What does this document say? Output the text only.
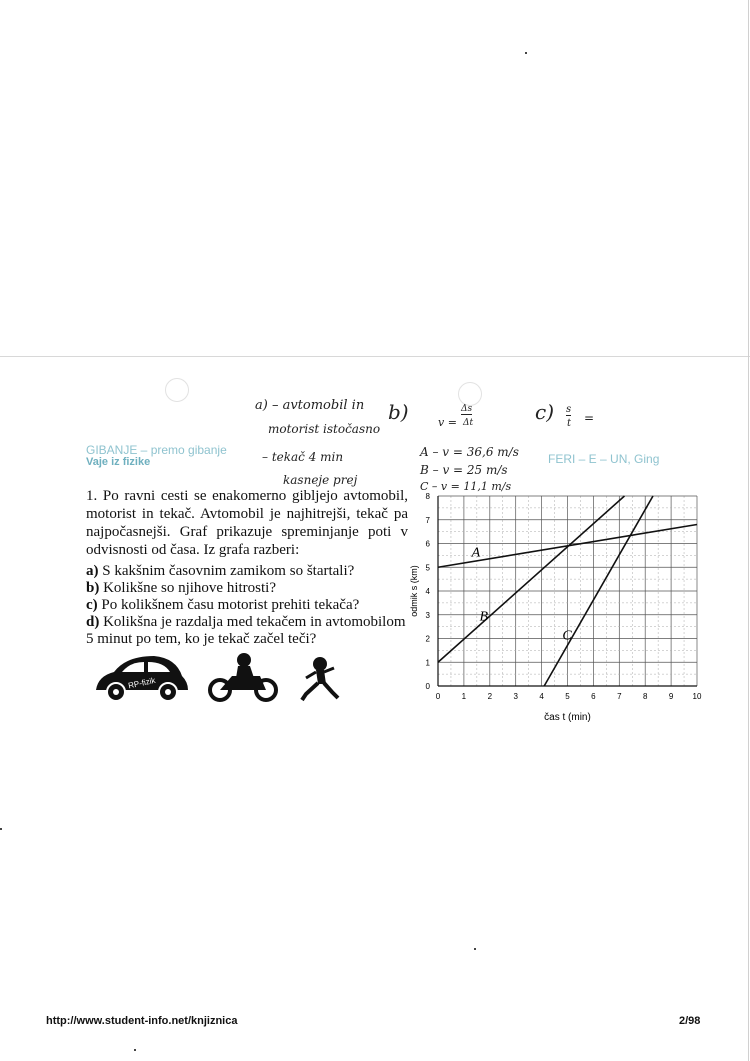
GIBANJE – premo gibanje
Vaje iz fizike	FERI – E – UN, Ging

1. Po ravni cesti se enakomerno gibljejo avtomobil, motorist in tekač. Avtomobil je najhitrejši, tekač pa najpočasnejši. Graf prikazuje spreminjanje poti v odvisnosti od časa. Iz grafa razberi:

a) S kakšnim časovnim zamikom so štartali?
b) Kolikšne so njihove hitrosti?
c) Po kolikšnem času motorist prehiti tekača?
d) Kolikšna je razdalja med tekačem in avtomobilom 5 minut po tem, ko je tekač začel teči?
RP-fizik
a) – avtomobil in
motorist istočasno
– tekač 4 min
kasneje prej
b)	v =
Δs
Δt
A – v = 36,6 m/s
B – v = 25 m/s
C – v = 11,1 m/s
c) s
t =
0	1	2	3	4	5	6	7	8	9 10
0
1
2
3
4
5
6
7
8
A
B
C
čas t (min)
odmik s (km)
http://www.student-info.net/knjiznica	2/98
